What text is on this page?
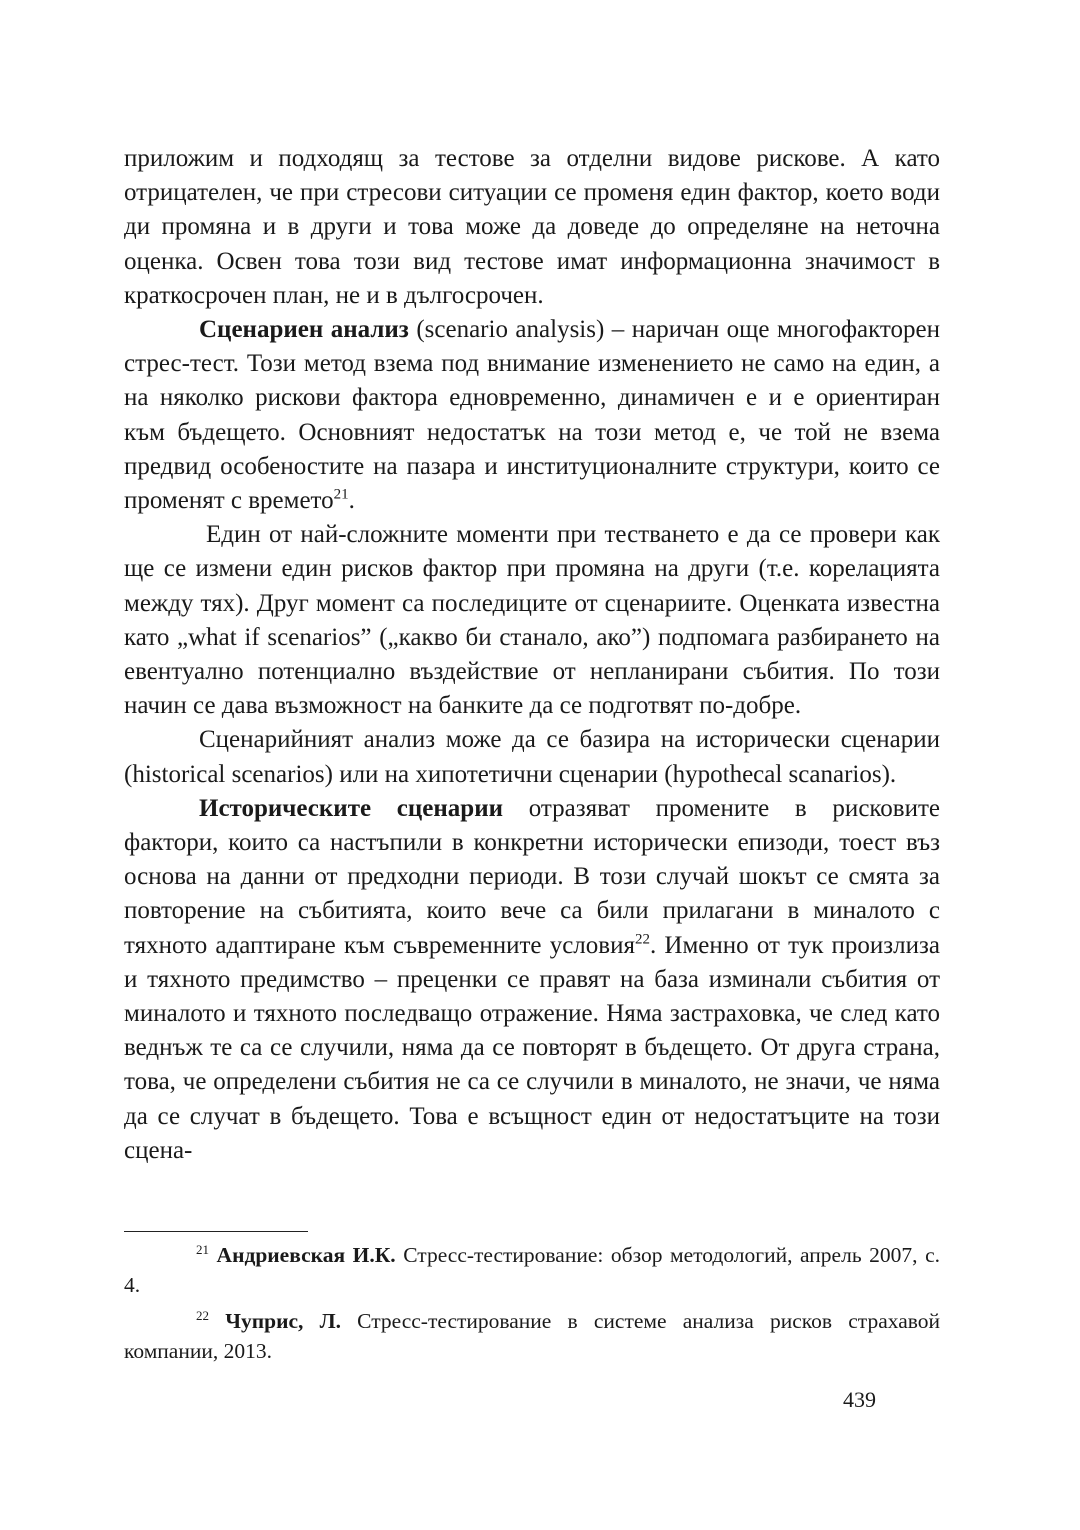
приложим и подходящ за тестове за отделни видове рискове. А като отрицателен, че при стресови ситуации се променя един фактор, което води ди промяна и в други и това може да доведе до определяне на неточна оценка. Освен това този вид тестове имат информационна значимост в краткосрочен план, не и в дългосрочен.

Сценариен анализ (scenario analysis) – наричан още многофакторен стрес-тест. Този метод взема под внимание изменението не само на един, а на няколко рискови фактора едновременно, динамичен е и е ориентиран към бъдещето. Основният недостатък на този метод е, че той не взема предвид особеностите на пазара и институционалните структури, които се променят с времето$^{21}$.

Един от най-сложните моменти при тестването е да се провери как ще се измени един рисков фактор при промяна на други (т.е. корелацията между тях). Друг момент са последиците от сценариите. Оценката известна като „what if scenarios” („какво би станало, ако”) подпомага разбирането на евентуално потенциално въздействие от непланирани събития. По този начин се дава възможност на банките да се подготвят по-добре.

Сценарийният анализ може да се базира на исторически сценарии (historical scenarios) или на хипотетични сценарии (hypothecal scanarios).

Историческите сценарии отразяват промените в рисковите фактори, които са настъпили в конкретни исторически епизоди, тоест въз основа на данни от предходни периоди. В този случай шокът се смята за повторение на събитията, които вече са били прилагани в миналото с тяхното адаптиране към съвременните условия$^{22}$. Именно от тук произлиза и тяхното предимство – преценки се правят на база изминали събития от миналото и тяхното последващо отражение. Няма застраховка, че след като веднъж те са се случили, няма да се повторят в бъдещето. От друга страна, това, че определени събития не са се случили в миналото, не значи, че няма да се случат в бъдещето. Това е всъщност един от недостатъците на този сцена-

$^{21}$ Андриевская И.К. Стресс-тестирование: обзор методологий, апрель 2007, с. 4.

$^{22}$ Чуприс, Л. Стресс-тестирование в системе анализа рисков страхавой компании, 2013.

439
